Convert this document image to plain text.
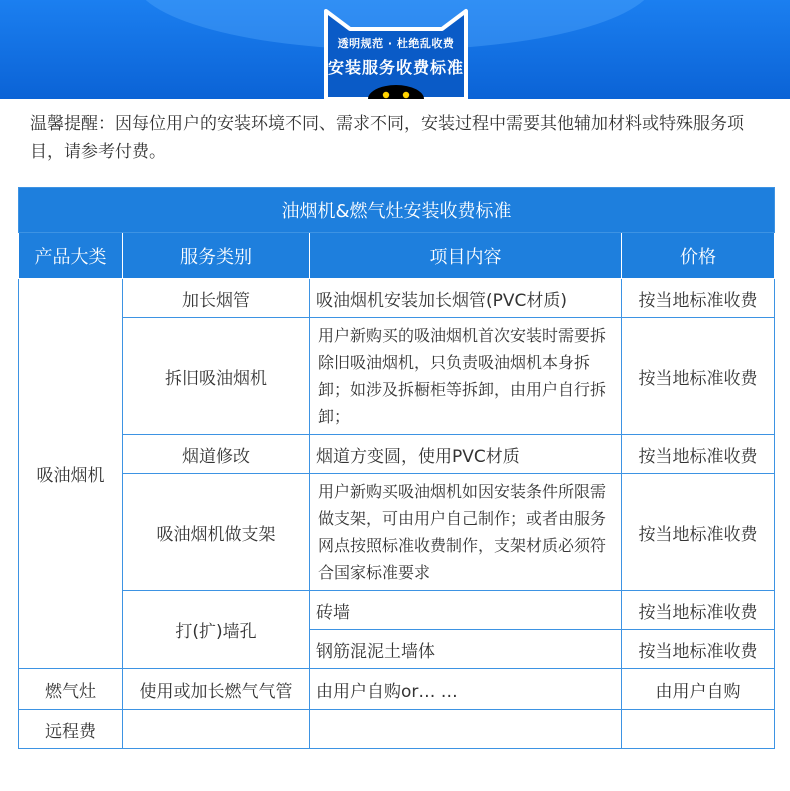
透明规范 · 杜绝乱收费
安装服务收费标准
温馨提醒：因每位用户的安装环境不同、需求不同，安装过程中需要其他辅加材料或特殊服务项目，请参考付费。
油烟机&燃气灶安装收费标准			
产品大类	服务类别	项目内容	价格
吸油烟机	加长烟管	吸油烟机安装加长烟管(PVC材质)	按当地标准收费
	拆旧吸油烟机	用户新购买的吸油烟机首次安装时需要拆除旧吸油烟机，只负责吸油烟机本身拆卸；如涉及拆橱柜等拆卸，由用户自行拆卸；	按当地标准收费
	烟道修改	烟道方变圆，使用PVC材质	按当地标准收费
	吸油烟机做支架	用户新购买吸油烟机如因安装条件所限需做支架，可由用户自己制作；或者由服务网点按照标准收费制作，支架材质必须符合国家标准要求	按当地标准收费
	打(扩)墙孔	砖墙	按当地标准收费
		钢筋混泥土墙体	按当地标准收费
燃气灶	使用或加长燃气气管	由用户自购or… …	由用户自购
远程费			
